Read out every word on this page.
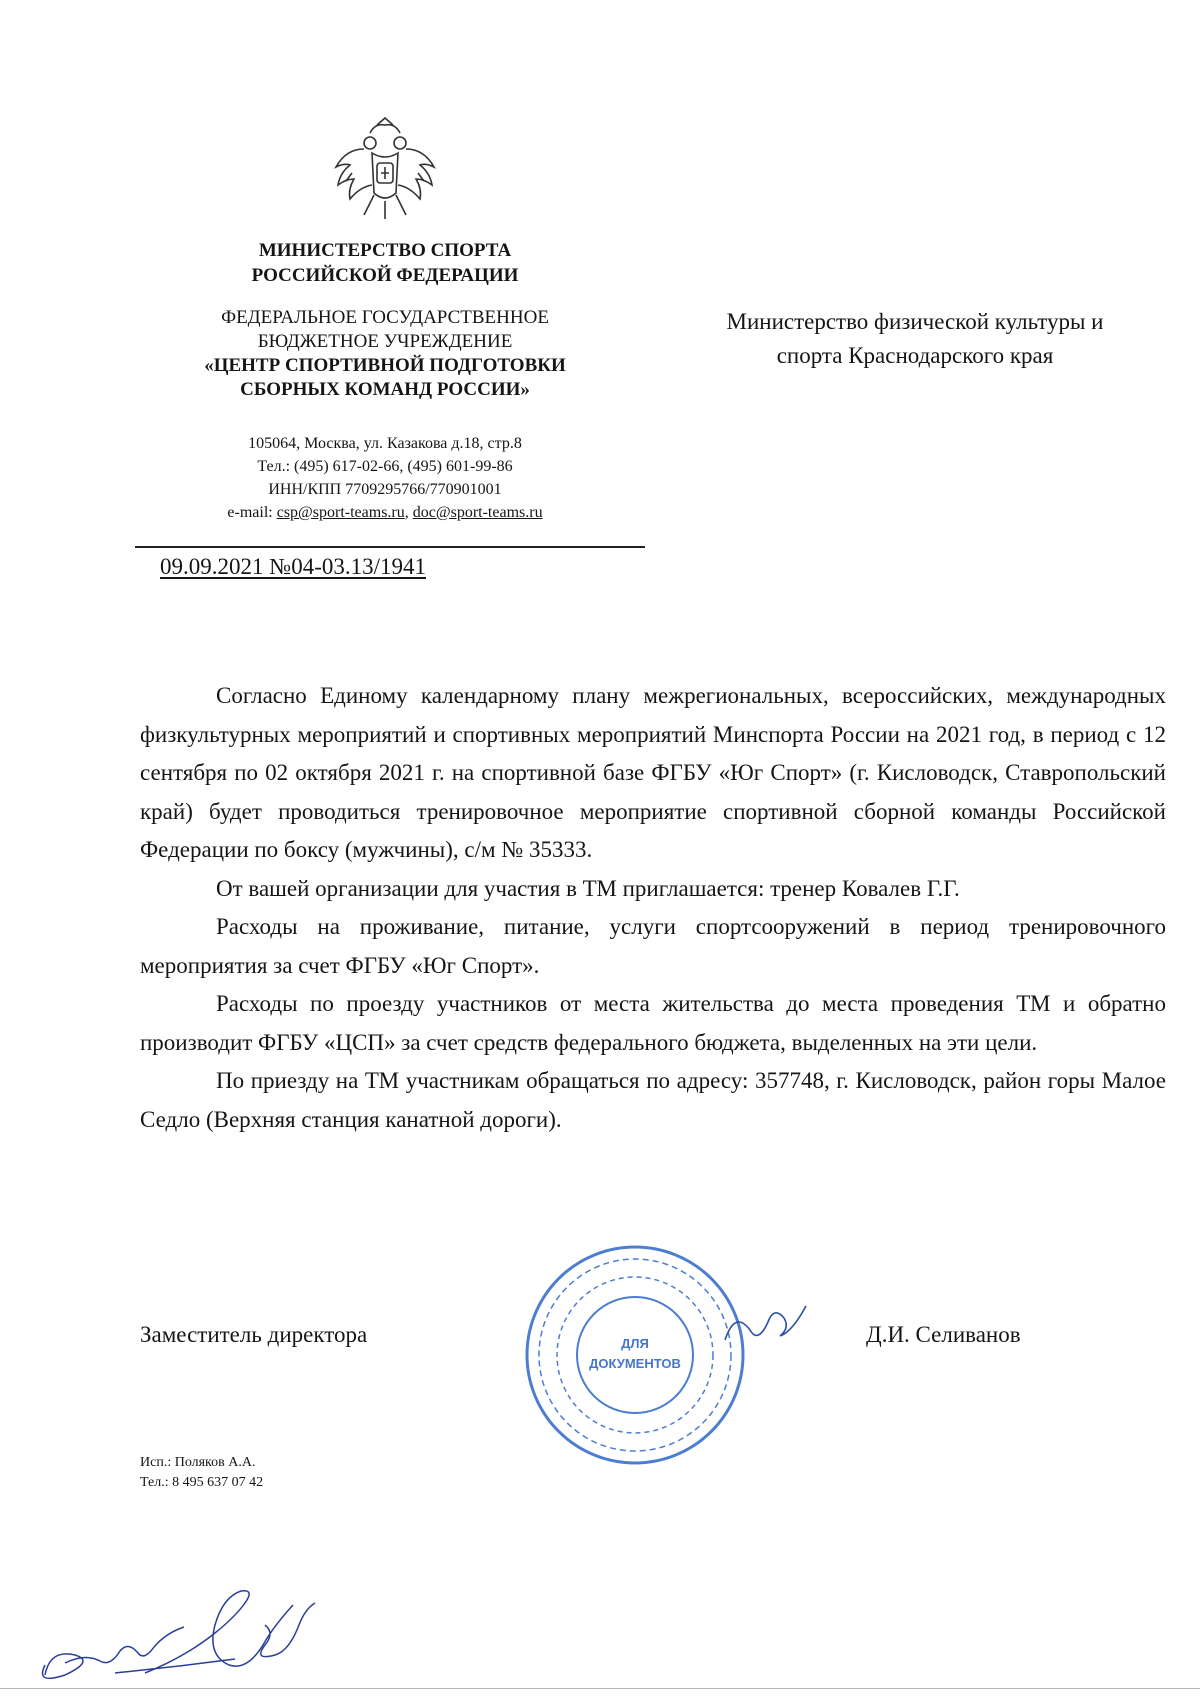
МИНИСТЕРСТВО СПОРТА
РОССИЙСКОЙ ФЕДЕРАЦИИ
ФЕДЕРАЛЬНОЕ ГОСУДАРСТВЕННОЕ
БЮДЖЕТНОЕ УЧРЕЖДЕНИЕ
«ЦЕНТР СПОРТИВНОЙ ПОДГОТОВКИ
СБОРНЫХ КОМАНД РОССИИ»
105064, Москва, ул. Казакова д.18, стр.8
Тел.: (495) 617-02-66, (495) 601-99-86
ИНН/КПП 7709295766/770901001
e-mail: csp@sport-teams.ru, doc@sport-teams.ru
09.09.2021 №04-03.13/1941
Министерство физической культуры и
спорта Краснодарского края

Согласно Единому календарному плану межрегиональных, всероссийских, международных физкультурных мероприятий и спортивных мероприятий Минспорта России на 2021 год, в период с 12 сентября по 02 октября 2021 г. на спортивной базе ФГБУ «Юг Спорт» (г. Кисловодск, Ставропольский край) будет проводиться тренировочное мероприятие спортивной сборной команды Российской Федерации по боксу (мужчины), с/м № 35333.

От вашей организации для участия в ТМ приглашается: тренер Ковалев Г.Г.

Расходы на проживание, питание, услуги спортсооружений в период тренировочного мероприятия за счет ФГБУ «Юг Спорт».

Расходы по проезду участников от места жительства до места проведения ТМ и обратно производит ФГБУ «ЦСП» за счет средств федерального бюджета, выделенных на эти цели.

По приезду на ТМ участникам обращаться по адресу: 357748, г. Кисловодск, район горы Малое Седло (Верхняя станция канатной дороги).

ДЛЯ
ДОКУМЕНТОВ
Заместитель директора	Д.И. Селиванов
Исп.: Поляков А.А.
Тел.: 8 495 637 07 42
